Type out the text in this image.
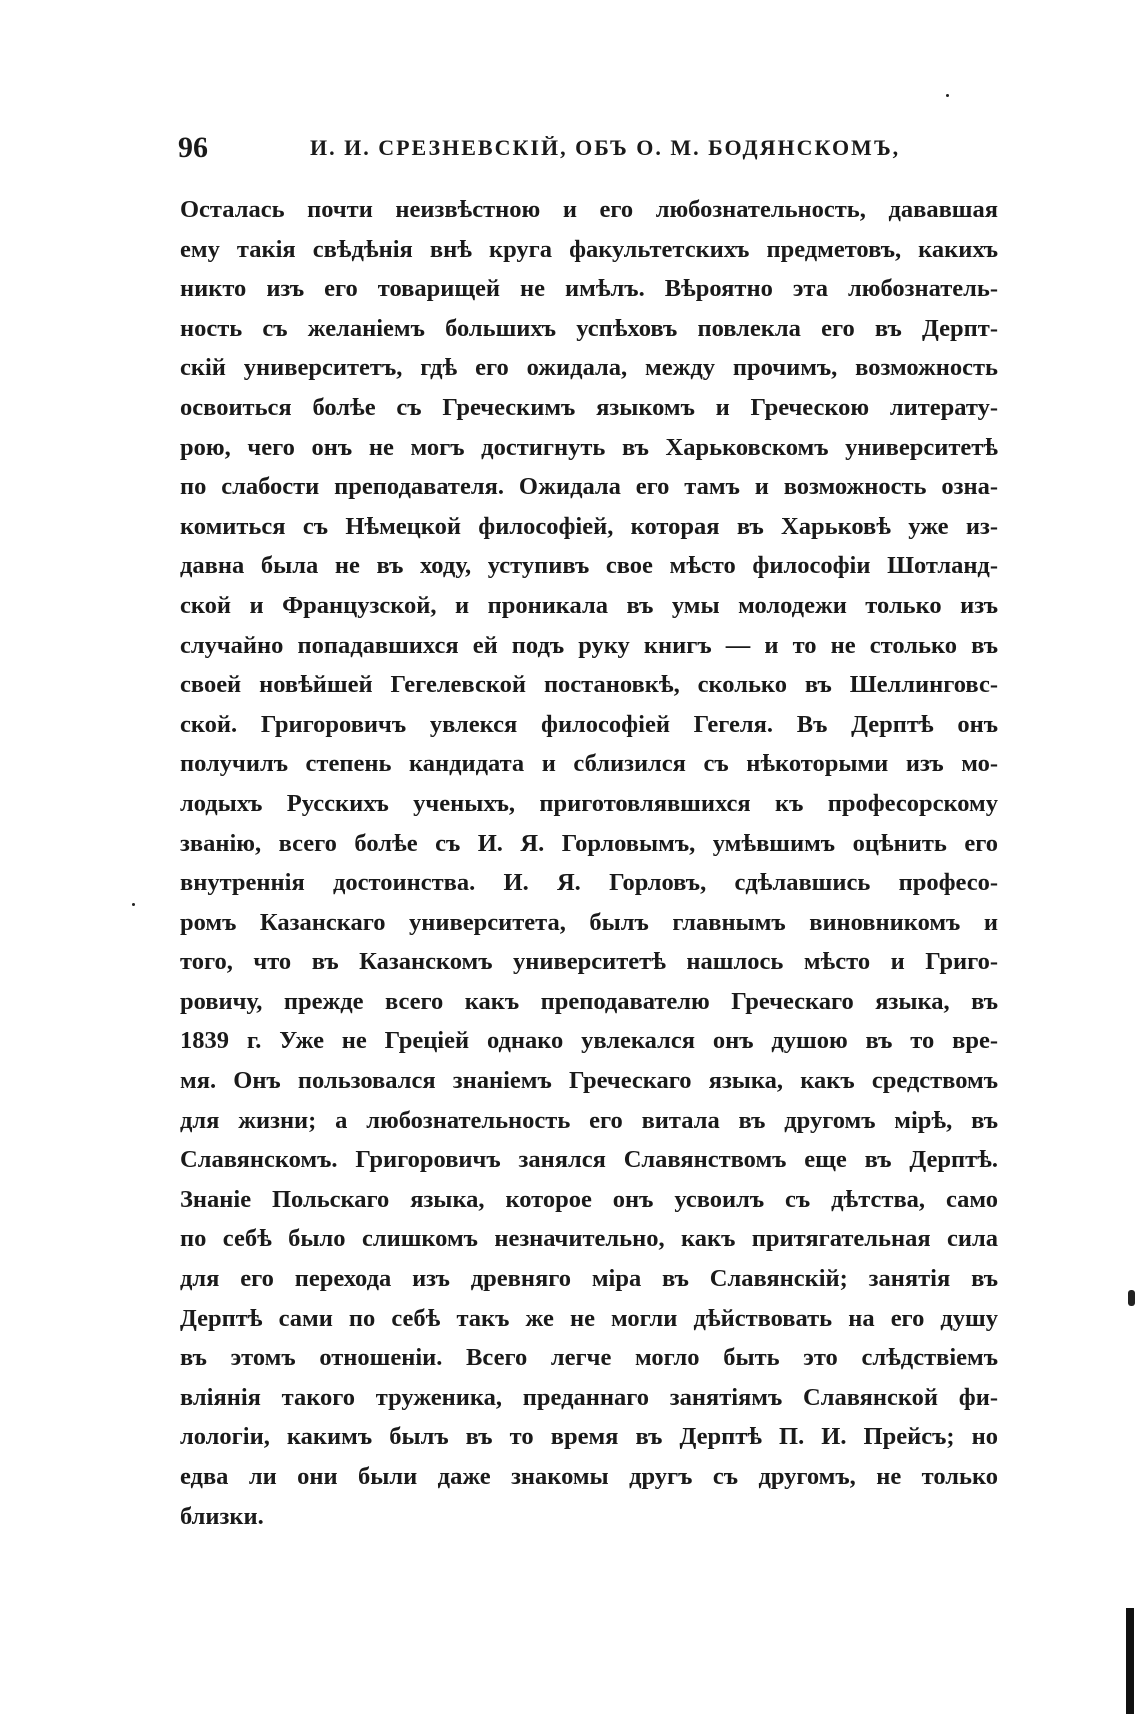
96	И. И. СРЕЗНЕВСКІЙ, ОБЪ О. М. БОДЯНСКОМЪ,
Осталась почти неизвѣстною и его любознательность, дававшая
ему такія свѣдѣнія внѣ круга факультетскихъ предметовъ, какихъ
никто изъ его товарищей не имѣлъ. Вѣроятно эта любознатель-
ность съ желаніемъ большихъ успѣховъ повлекла его въ Дерпт-
скій университетъ, гдѣ его ожидала, между прочимъ, возможность
освоиться болѣе съ Греческимъ языкомъ и Греческою литерату-
рою, чего онъ не могъ достигнуть въ Харьковскомъ университетѣ
по слабости преподавателя. Ожидала его тамъ и возможность озна-
комиться съ Нѣмецкой философіей, которая въ Харьковѣ уже из-
давна была не въ ходу, уступивъ свое мѣсто философіи Шотланд-
ской и Французской, и проникала въ умы молодежи только изъ
случайно попадавшихся ей подъ руку книгъ — и то не столько въ
своей новѣйшей Гегелевской постановкѣ, сколько въ Шеллинговс-
ской. Григоровичъ увлекся философіей Гегеля. Въ Дерптѣ онъ
получилъ степень кандидата и сблизился съ нѣкоторыми изъ мо-
лодыхъ Русскихъ ученыхъ, приготовлявшихся къ професорскому
званію, всего болѣе съ И. Я. Горловымъ, умѣвшимъ оцѣнить его
внутреннія достоинства. И. Я. Горловъ, сдѣлавшись професо-
ромъ Казанскаго университета, былъ главнымъ виновникомъ и
того, что въ Казанскомъ университетѣ нашлось мѣсто и Григо-
ровичу, прежде всего какъ преподавателю Греческаго языка, въ
1839 г. Уже не Греціей однако увлекался онъ душою въ то вре-
мя. Онъ пользовался знаніемъ Греческаго языка, какъ средствомъ
для жизни; а любознательность его витала въ другомъ мірѣ, въ
Славянскомъ. Григоровичъ занялся Славянствомъ еще въ Дерптѣ.
Знаніе Польскаго языка, которое онъ усвоилъ съ дѣтства, само
по себѣ было слишкомъ незначительно, какъ притягательная сила
для его перехода изъ древняго міра въ Славянскій; занятія въ
Дерптѣ сами по себѣ такъ же не могли дѣйствовать на его душу
въ этомъ отношеніи. Всего легче могло быть это слѣдствіемъ
вліянія такого труженика, преданнаго занятіямъ Славянской фи-
лологіи, какимъ былъ въ то время въ Дерптѣ П. И. Прейсъ; но
едва ли они были даже знакомы другъ съ другомъ, не только
близки.
